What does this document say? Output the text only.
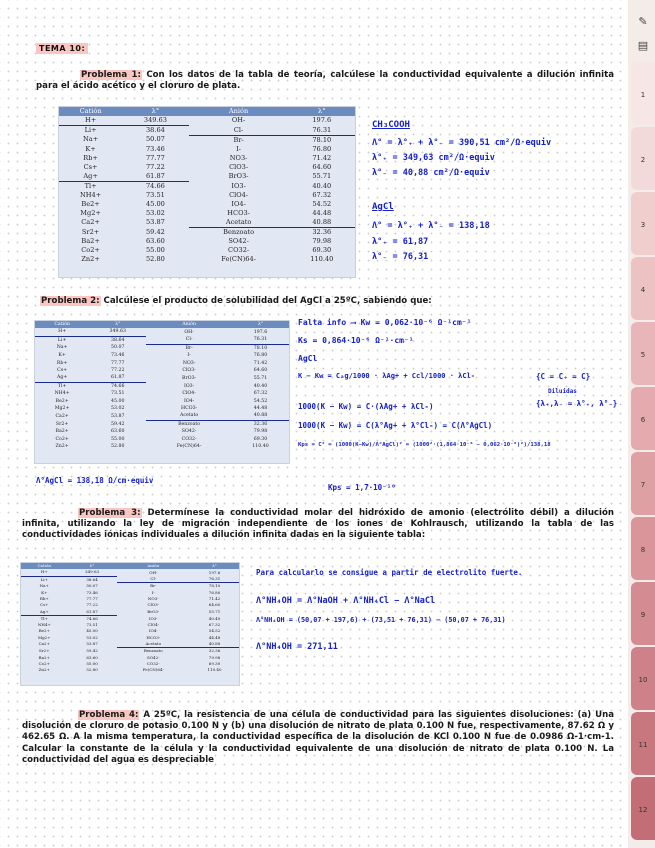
TEMA 10:
Problema 1: Con los datos de la tabla de teoría, calcúlese la conductividad equivalente a dilución infinita para el ácido acético y el cloruro de plata.
Catión	λ°	Anión	λ°
H+	349.63	OH-	197.6
Li+	38.64	Cl-	76.31
Na+	50.07	Br-	78.10
K+	73.46	I-	76.80
Rb+	77.77	NO3-	71.42
Cs+	77.22	ClO3-	64.60
Ag+	61.87	BrO3-	55.71
Tl+	74.66	IO3-	40.40
NH4+	73.51	ClO4-	67.32
Be2+	45.00	IO4-	54.52
Mg2+	53.02	HCO3-	44.48
Ca2+	53.87	Acetato	40.88
Sr2+	59.42	Benzoato	32.36
Ba2+	63.60	SO42-	79.98
Co2+	55.00	CO32-	69.30
Zn2+	52.80	Fe(CN)64-	110.40
CH₃COOH
Λ° = λ°₊ + λ°₋ = 390,51 cm²/Ω·equiv
λ°₊ = 349,63 cm²/Ω·equiv
λ°₋ = 40,88 cm²/Ω·equiv
AgCl
Λ° = λ°₊ + λ°₋ = 138,18
λ°₊ = 61,87
λ°₋ = 76,31
Problema 2: Calcúlese el producto de solubilidad del AgCl a 25ºC, sabiendo que:
Catión	λ°	Anión	λ°
H+	349.63	OH-	197.6
Li+	38.64	Cl-	76.31
Na+	50.07	Br-	78.10
K+	73.46	I-	76.80
Rb+	77.77	NO3-	71.42
Cs+	77.22	ClO3-	64.60
Ag+	61.87	BrO3-	55.71
Tl+	74.66	IO3-	40.40
NH4+	73.51	ClO4-	67.32
Be2+	45.00	IO4-	54.52
Mg2+	53.02	HCO3-	44.48
Ca2+	53.87	Acetato	40.88
Sr2+	59.42	Benzoato	32.36
Ba2+	63.60	SO42-	79.98
Co2+	55.00	CO32-	69.30
Zn2+	52.80	Fe(CN)64-	110.40
Falta info ⟶ Kw = 0,062·10⁻⁶ Ω⁻¹cm⁻¹
Ks = 0,864·10⁻⁶ Ω⁻¹·cm⁻¹
AgCl
K − Kw = Cₐg/1000 · λAg+ + Ccl/1000 · λCl-	{C = C₊ = C}
Diluidas
{λ₊,λ₋ ≈ λ°₊, λ°₋}
1000(K − Kw) = C·(λAg+ + λCl-)
1000(K − Kw) = C(λ°Ag+ + λ°Cl-) = C(Λ°AgCl)
Kps = C² = (1000(K−Kw)/Λ°AgCl)² = (1000²·(1,864·10⁻⁶ − 0,062·10⁻⁶)²)/138,18
Kps = 1,7·10⁻¹⁰
Λ°AgCl = 138,18 Ω/cm·equiv
Problema 3: Determínese la conductividad molar del hidróxido de amonio (electrólito débil) a dilución infinita, utilizando la ley de migración independiente de los iones de Kohlrausch, utilizando la tabla de las conductividades iónicas individuales a dilución infinita dadas en la siguiente tabla:
Catión	λ°	Anión	λ°
H+	349.63	OH-	197.6
Li+	38.64	Cl-	76.31
Na+	50.07	Br-	78.10
K+	73.46	I-	76.80
Rb+	77.77	NO3-	71.42
Cs+	77.22	ClO3-	64.60
Ag+	61.87	BrO3-	55.71
Tl+	74.66	IO3-	40.40
NH4+	73.51	ClO4-	67.32
Be2+	45.00	IO4-	54.52
Mg2+	53.02	HCO3-	44.48
Ca2+	53.87	Acetato	40.88
Sr2+	59.42	Benzoato	32.36
Ba2+	63.60	SO42-	79.98
Co2+	55.00	CO32-	69.30
Zn2+	52.80	Fe(CN)64-	110.40
Para calcularlo se consigue a partir de electrolito fuerte.
Λ°NH₄OH = Λ°NaOH + Λ°NH₄Cl − Λ°NaCl
Λ°NH₄OH = (50,07 + 197,6) + (73,51 + 76,31) − (50,07 + 76,31)
Λ°NH₄OH = 271,11
Problema 4: A 25ºC, la resistencia de una célula de conductividad para las siguientes disoluciones: (a) Una disolución de cloruro de potasio 0.100 N y (b) una disolución de nitrato de plata 0.100 N fue, respectivamente, 87.62 Ω y 462.65 Ω. A la misma temperatura, la conductividad específica de la disolución de KCl 0.100 N fue de 0.0986 Ω-1·cm-1. Calcular la constante de la célula y la conductividad equivalente de una disolución de nitrato de plata 0.100 N. La conductividad del agua es despreciable
✎
▤
1
2
3
4
5
6
7
8
9
10
11
12
